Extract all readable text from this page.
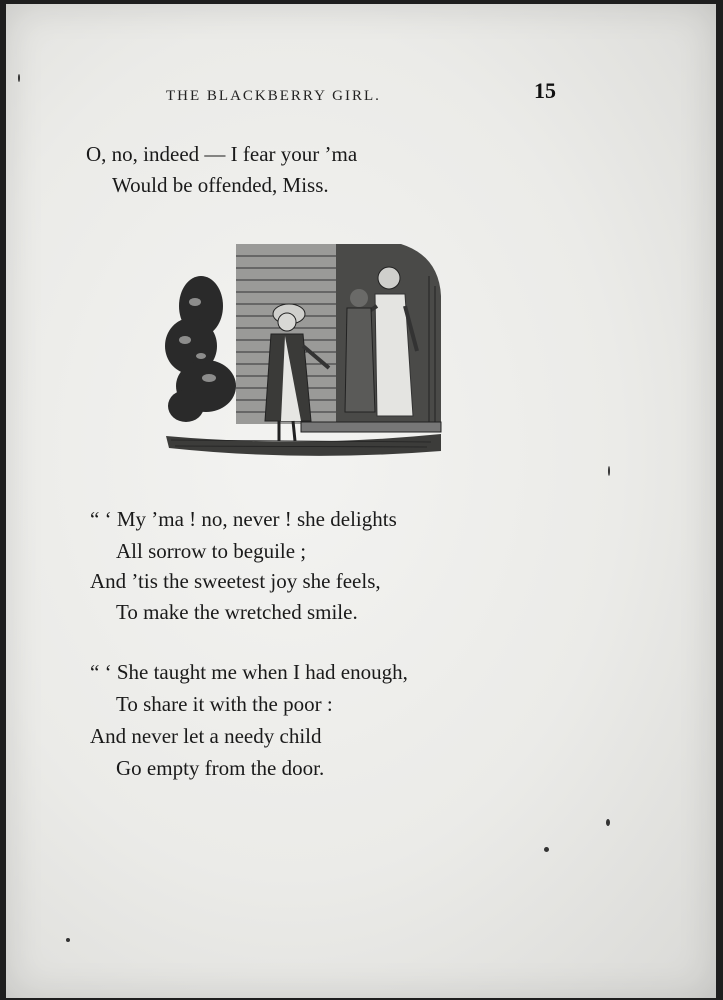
THE BLACKBERRY GIRL.	15
O, no, indeed — I fear your ’ma
Would be offended, Miss.
“ ‘ My ’ma ! no, never ! she delights
All sorrow to beguile ;
And ’tis the sweetest joy she feels,
To make the wretched smile.
“ ‘ She taught me when I had enough,
To share it with the poor :
And never let a needy child
Go empty from the door.
